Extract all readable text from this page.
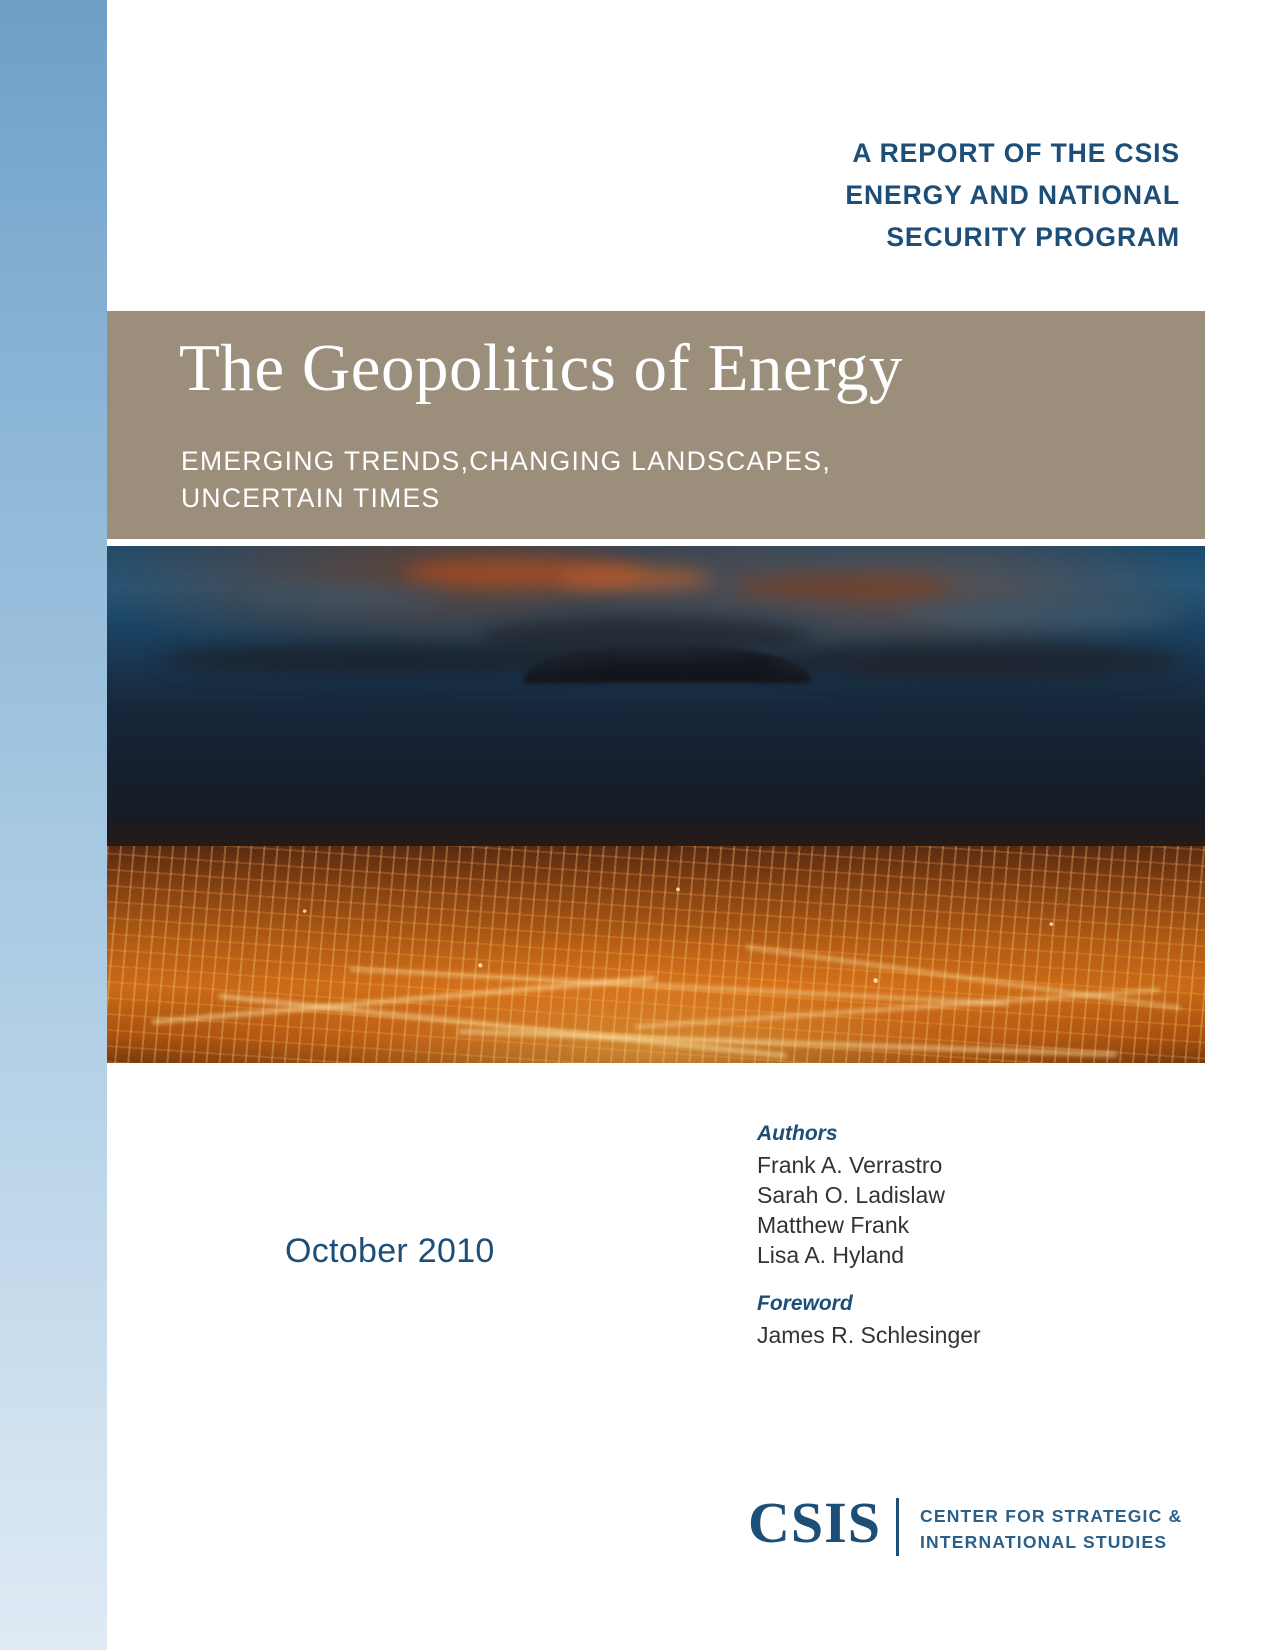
A REPORT OF THE CSIS
ENERGY AND NATIONAL
SECURITY PROGRAM
The Geopolitics of Energy
EMERGING TRENDS,CHANGING LANDSCAPES,
UNCERTAIN TIMES
October 2010
Authors
Frank A. Verrastro
Sarah O. Ladislaw
Matthew Frank
Lisa A. Hyland
Foreword
James R. Schlesinger
CSIS CENTER FOR STRATEGIC &
INTERNATIONAL STUDIES
